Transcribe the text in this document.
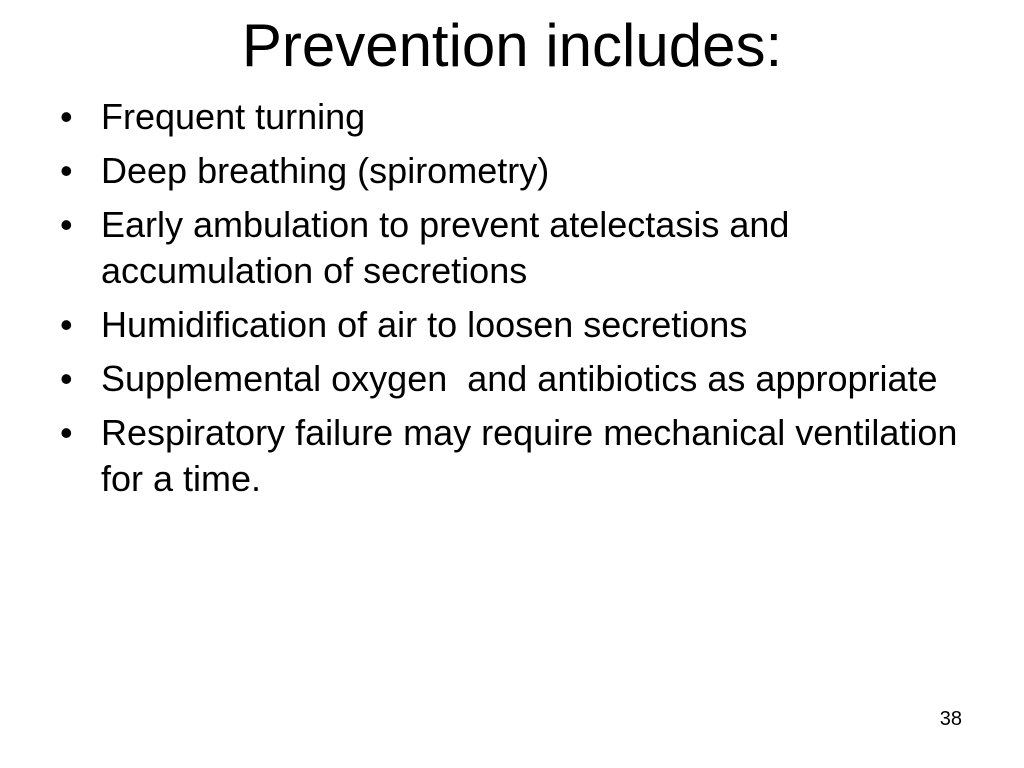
Prevention includes:
• Frequent turning
• Deep breathing (spirometry)
• Early ambulation to prevent atelectasis and accumulation of secretions
• Humidification of air to loosen secretions
• Supplemental oxygen  and antibiotics as appropriate
• Respiratory failure may require mechanical ventilation for a time.
38
